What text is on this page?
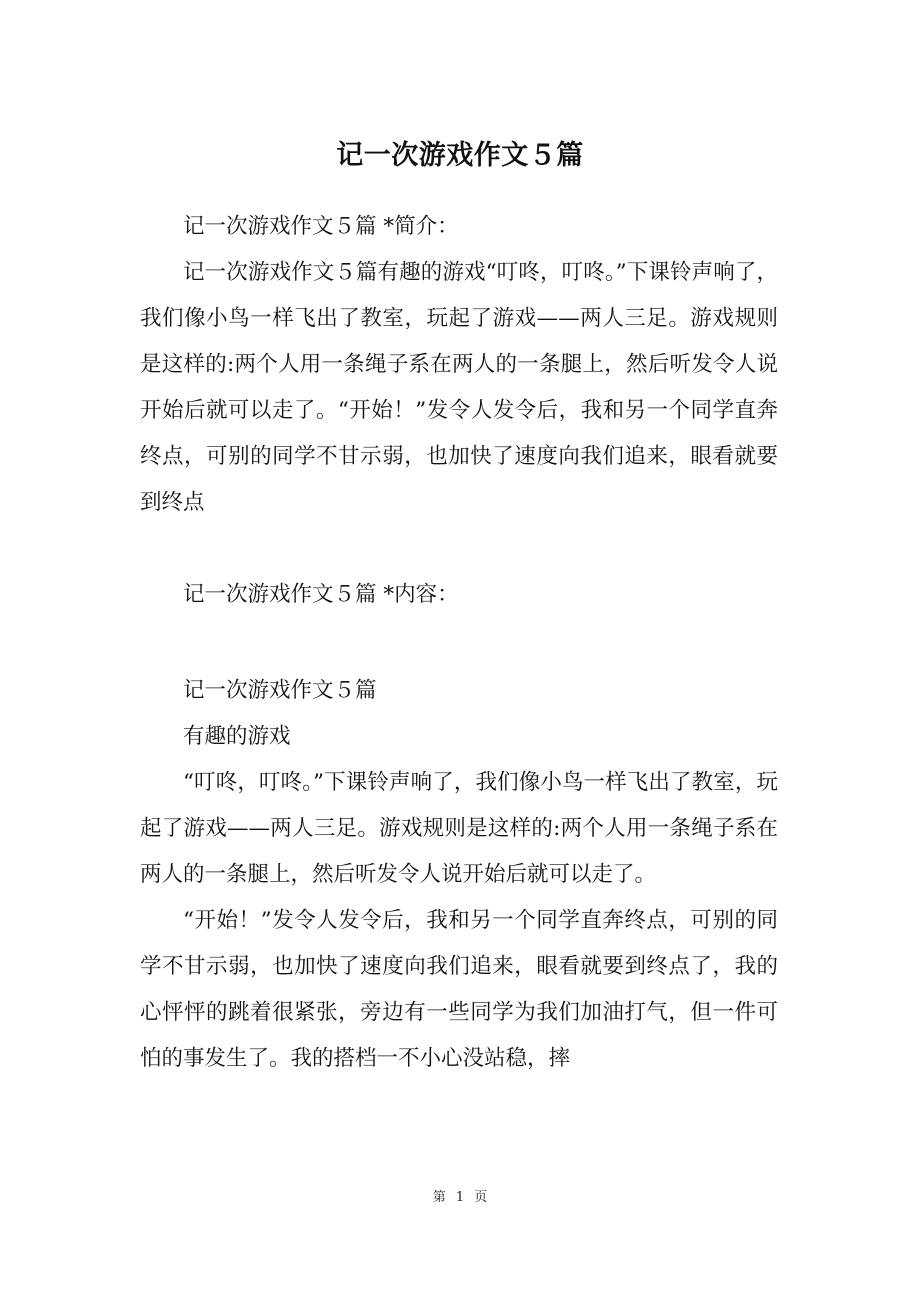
记一次游戏作文５篇

记一次游戏作文５篇 *简介：

记一次游戏作文５篇有趣的游戏“叮咚，叮咚。”下课铃声响了，我们像小鸟一样飞出了教室，玩起了游戏——两人三足。游戏规则是这样的:两个人用一条绳子系在两人的一条腿上，然后听发令人说开始后就可以走了。“开始！”发令人发令后，我和另一个同学直奔终点，可别的同学不甘示弱，也加快了速度向我们追来，眼看就要到终点

记一次游戏作文５篇 *内容：

记一次游戏作文５篇

有趣的游戏

“叮咚，叮咚。”下课铃声响了，我们像小鸟一样飞出了教室，玩起了游戏——两人三足。游戏规则是这样的:两个人用一条绳子系在两人的一条腿上，然后听发令人说开始后就可以走了。

“开始！”发令人发令后，我和另一个同学直奔终点，可别的同学不甘示弱，也加快了速度向我们追来，眼看就要到终点了，我的心怦怦的跳着很紧张，旁边有一些同学为我们加油打气，但一件可怕的事发生了。我的搭档一不小心没站稳，摔

第 1 页
